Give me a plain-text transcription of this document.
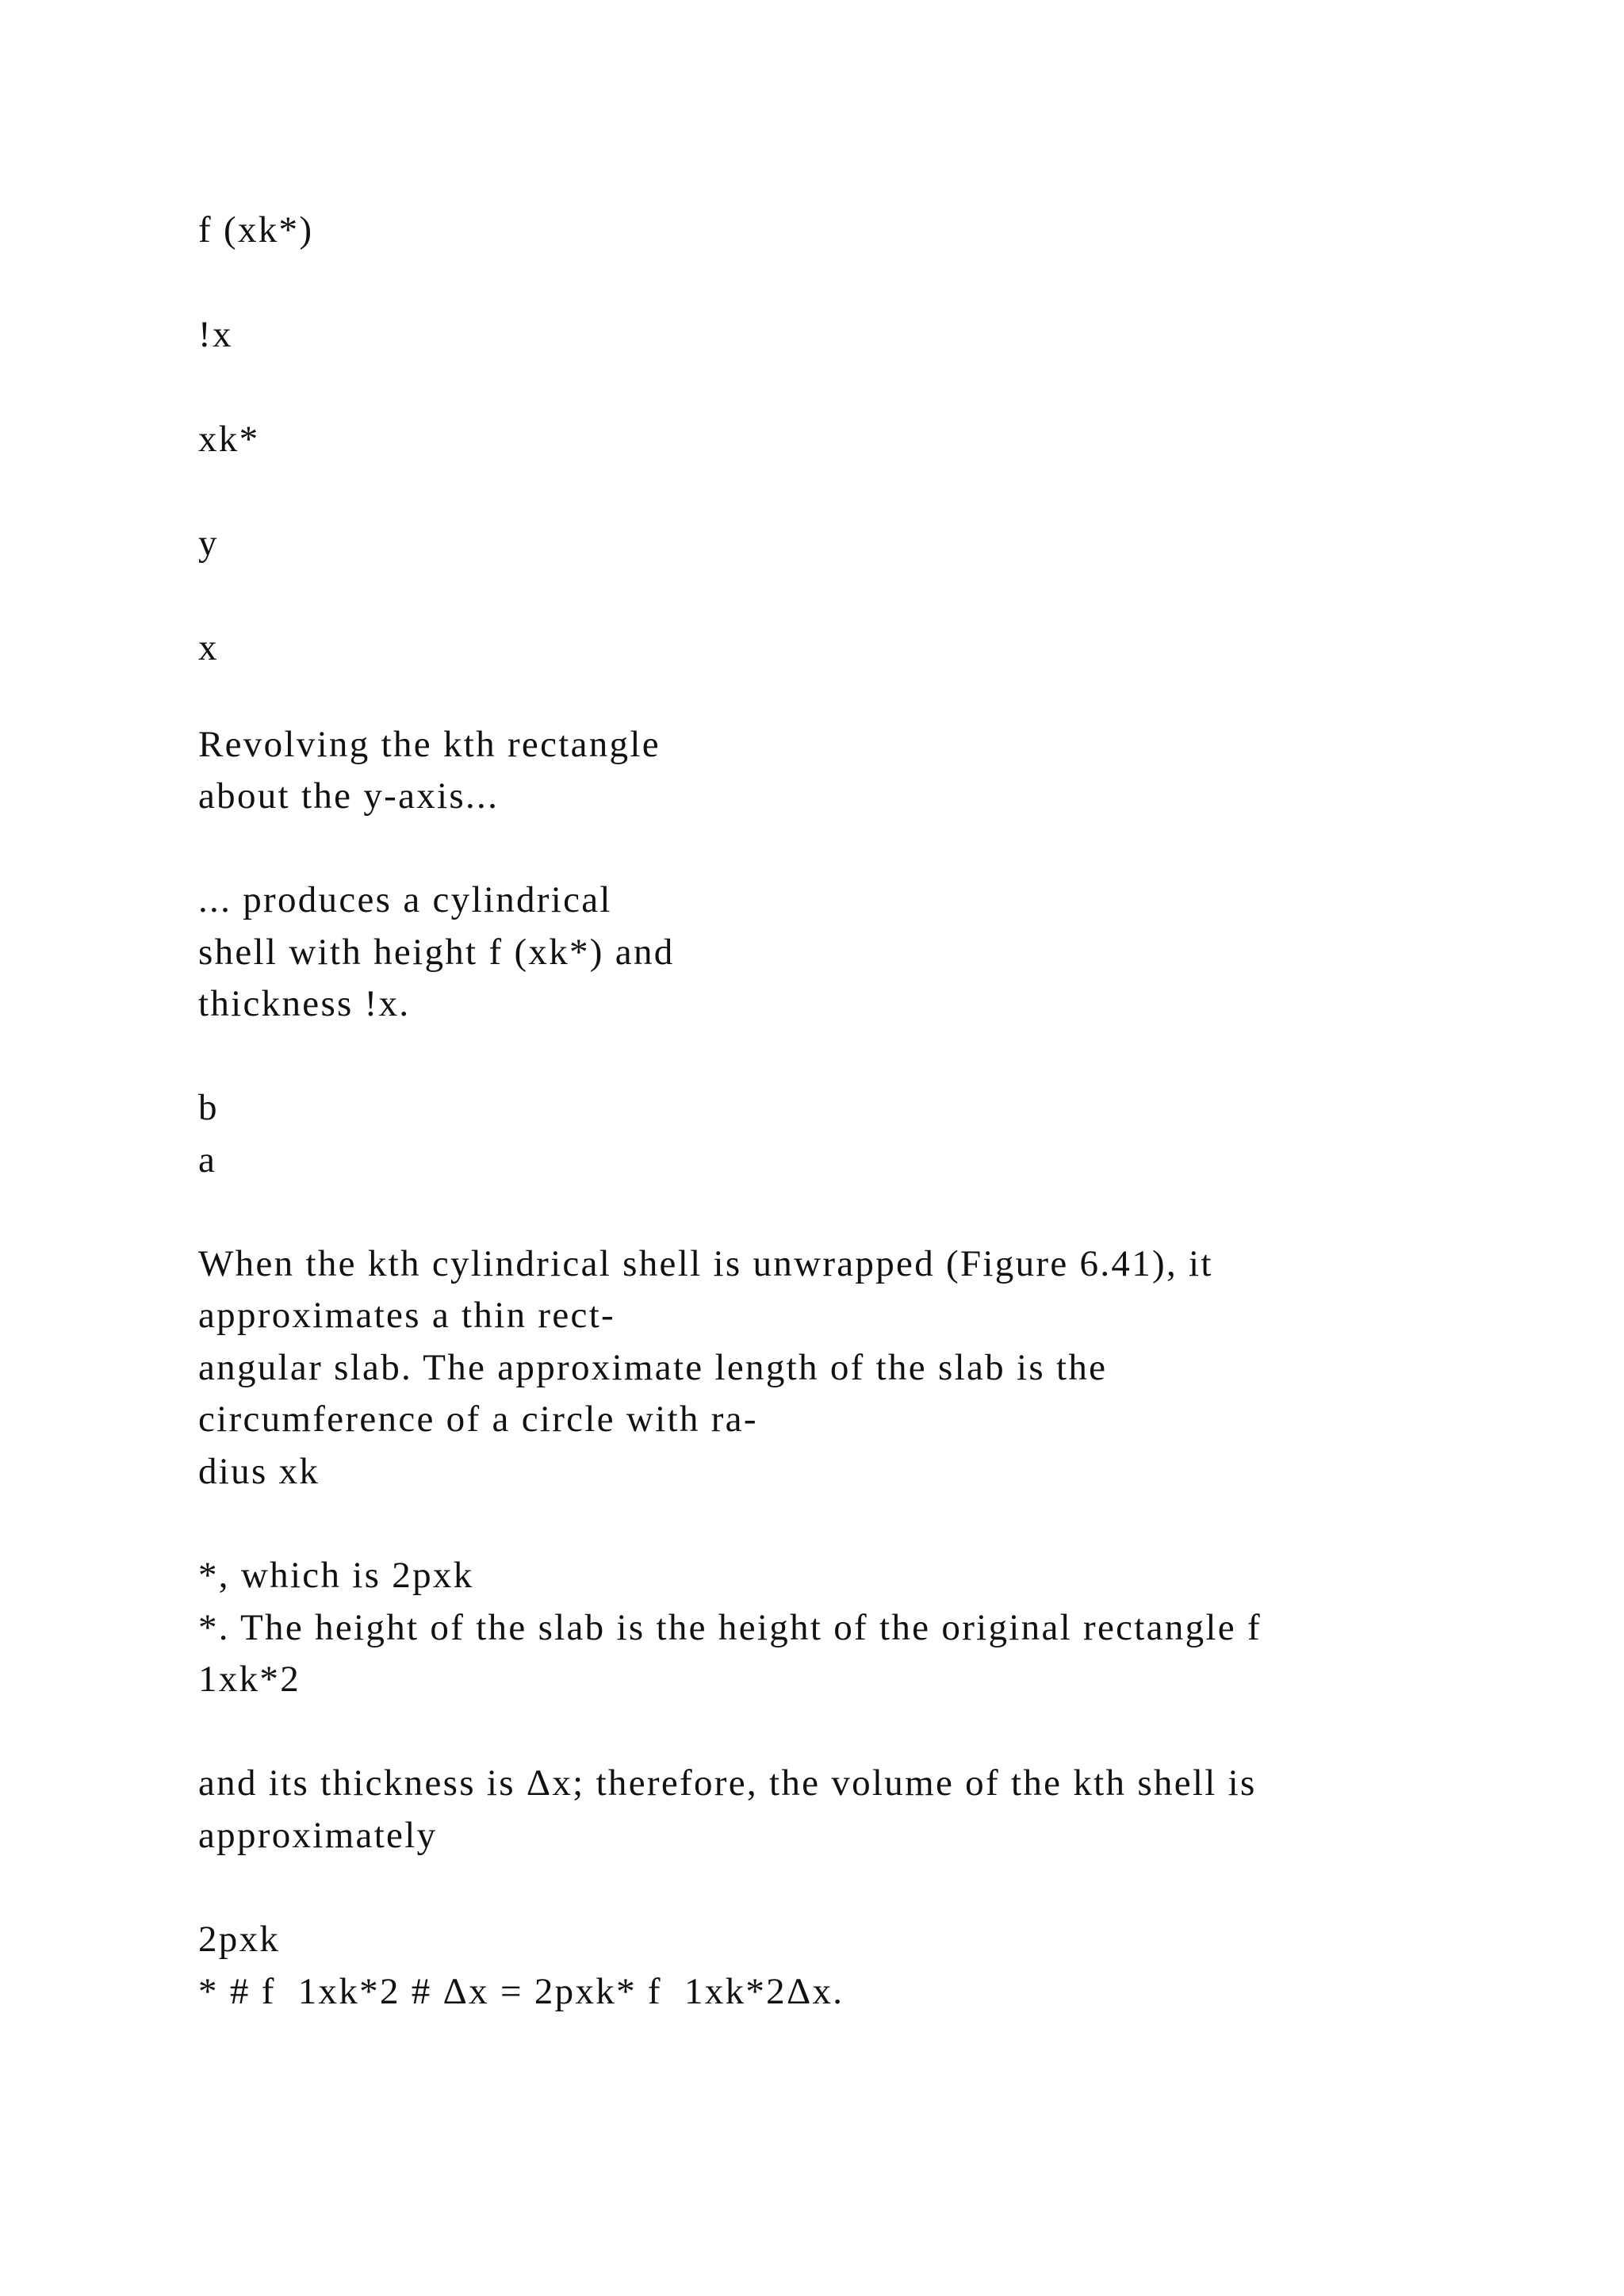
f (xk*)

!x

xk*

y

x

Revolving the kth rectangle

about the y-axis...

... produces a cylindrical

shell with height f (xk*) and

thickness !x.

b

a

When the kth cylindrical shell is unwrapped (Figure 6.41), it

approximates a thin rect-

angular slab. The approximate length of the slab is the

circumference of a circle with ra-

dius xk

*, which is 2pxk

*. The height of the slab is the height of the original rectangle f

1xk*2

and its thickness is Δx; therefore, the volume of the kth shell is

approximately

2pxk

* # f  1xk*2 # Δx = 2pxk* f  1xk*2Δx.
